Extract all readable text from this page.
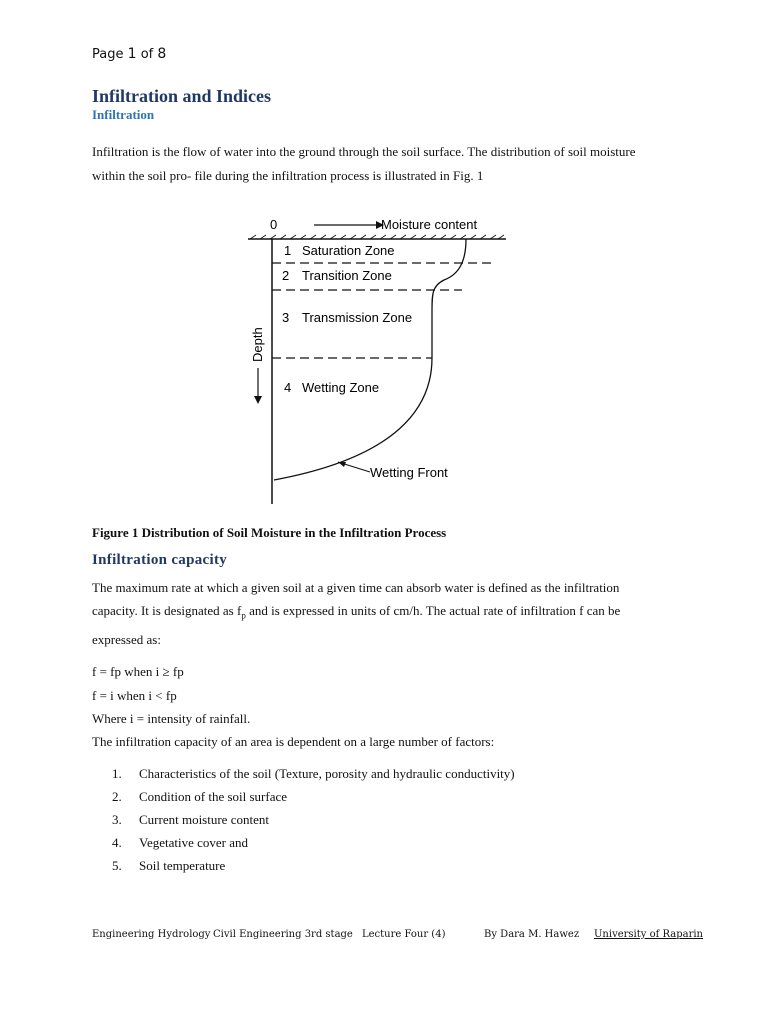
Page 1 of 8
Infiltration and Indices
Infiltration
Infiltration is the flow of water into the ground through the soil surface. The distribution of soil moisture within the soil pro- file during the infiltration process is illustrated in Fig. 1
0	Moisture content
1 Saturation Zone
2 Transition Zone
3 Transmission Zone
4 Wetting Zone
Depth
Wetting Front
Figure 1 Distribution of Soil Moisture in the Infiltration Process
Infiltration capacity
The maximum rate at which a given soil at a given time can absorb water is defined as the infiltration capacity. It is designated as $f_p$ and is expressed in units of cm/h. The actual rate of infiltration f can be expressed as:
f = fp when i ≥ fp
f = i when i < fp
Where i = intensity of rainfall.
The infiltration capacity of an area is dependent on a large number of factors:
1.	Characteristics of the soil (Texture, porosity and hydraulic conductivity)
2.	Condition of the soil surface
3.	Current moisture content
4.	Vegetative cover and
5.	Soil temperature
Engineering Hydrology Civil Engineering 3rd stage Lecture Four (4)	By Dara M. Hawez University of Raparin
